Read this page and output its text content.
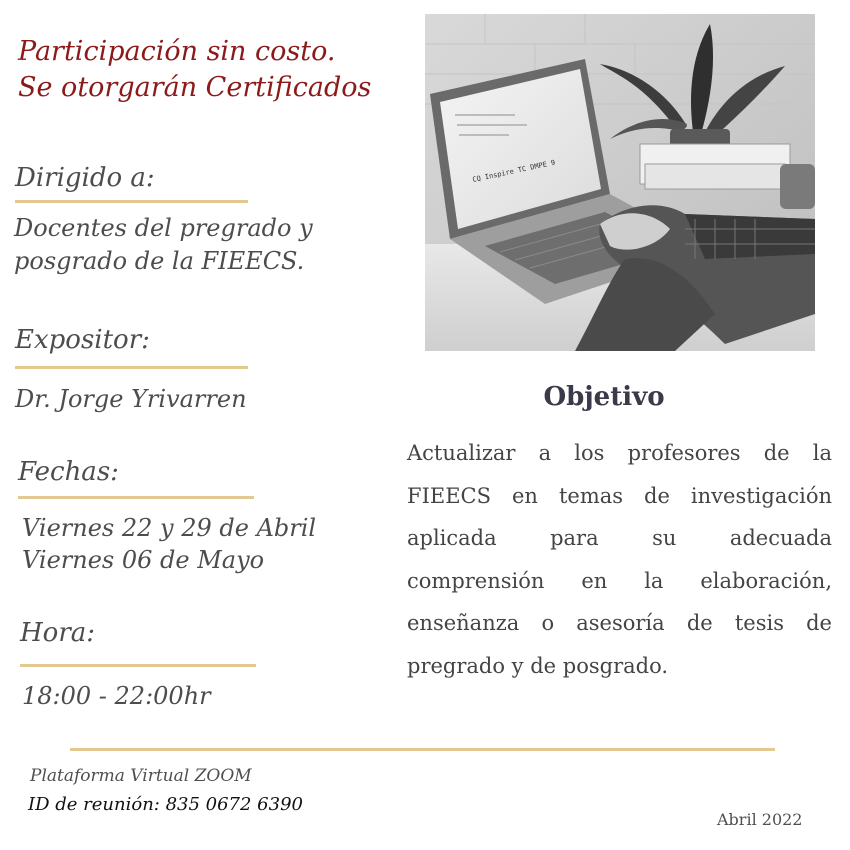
Participación sin costo.
Se otorgarán Certificados
Dirigido a:
Docentes del pregrado y
posgrado de la FIEECS.
Expositor:
Dr. Jorge Yrivarren
Fechas:
Viernes 22 y 29 de Abril
Viernes 06 de Mayo
Hora:
18:00 - 22:00hr
CQ Inspire TC DMPE 9
Objetivo
Actualizar a los profesores de la FIEECS en temas de investigación aplicada para su adecuada comprensión en la elaboración, enseñanza o asesoría de tesis de pregrado y de posgrado.
Plataforma Virtual ZOOM
ID de reunión: 835 0672 6390
Abril 2022
